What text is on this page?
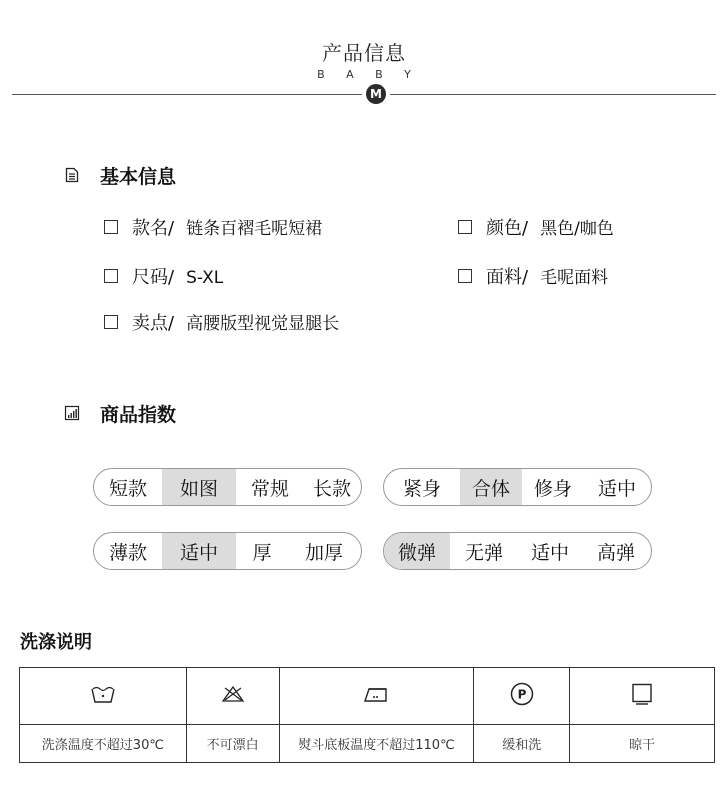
产品信息
B A B Y
M
基本信息
款名/ 链条百褶毛呢短裙	颜色/ 黑色/咖色
尺码/ S-XL	面料/ 毛呢面料
卖点/ 高腰版型视觉显腿长
商品指数
短款	如图	常规	长款	紧身	合体	修身	适中
薄款	适中	厚	加厚	微弹	无弹	适中	高弹
洗涤说明

P

洗涤温度不超过30℃	不可漂白	熨斗底板温度不超过110℃	缓和洗	晾干
